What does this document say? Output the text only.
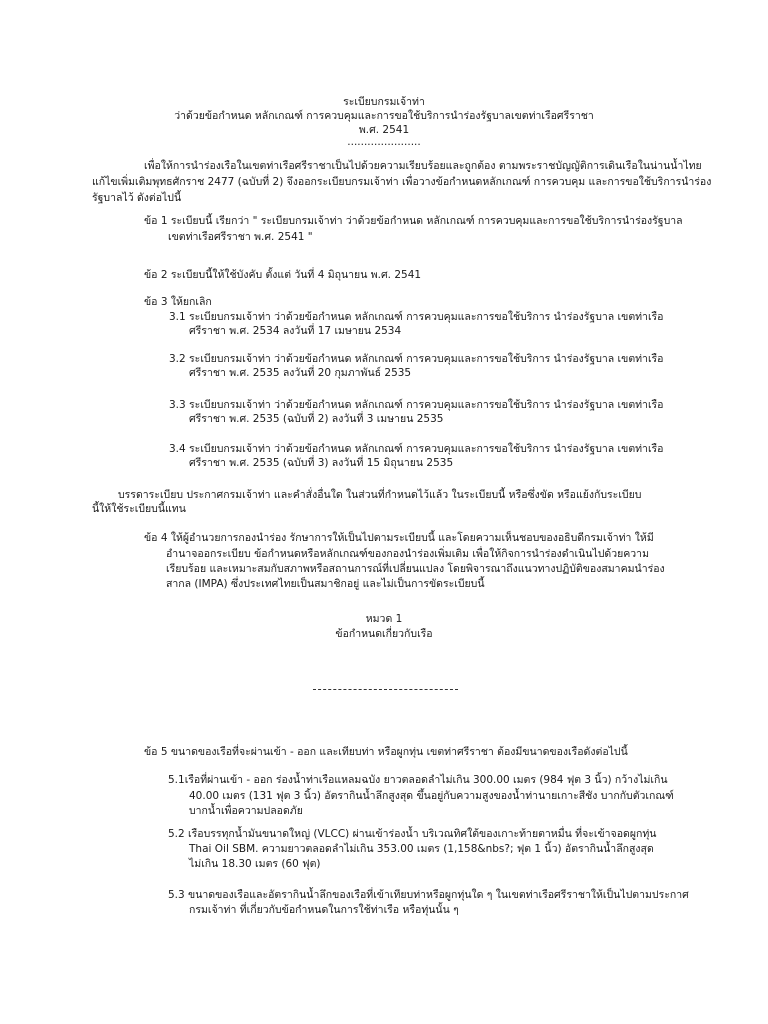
ระเบียบกรมเจ้าท่า
ว่าด้วยข้อกำหนด หลักเกณฑ์ การควบคุมและการขอใช้บริการนำร่องรัฐบาลเขตท่าเรือศรีราชา
พ.ศ. 2541
......................
เพื่อให้การนำร่องเรือในเขตท่าเรือศรีราชาเป็นไปด้วยความเรียบร้อยและถูกต้อง ตามพระราชบัญญัติการเดินเรือในน่านน้ำไทย
แก้ไขเพิ่มเติมพุทธศักราช 2477 (ฉบับที่ 2) จึงออกระเบียบกรมเจ้าท่า เพื่อวางข้อกำหนดหลักเกณฑ์ การควบคุม และการขอใช้บริการนำร่อง
รัฐบาลไว้ ดังต่อไปนี้
ข้อ 1 ระเบียบนี้ เรียกว่า " ระเบียบกรมเจ้าท่า ว่าด้วยข้อกำหนด หลักเกณฑ์ การควบคุมและการขอใช้บริการนำร่องรัฐบาล
เขตท่าเรือศรีราชา พ.ศ. 2541 "
ข้อ 2 ระเบียบนี้ให้ใช้บังคับ ตั้งแต่ วันที่ 4 มิถุนายน พ.ศ. 2541
ข้อ 3 ให้ยกเลิก
3.1 ระเบียบกรมเจ้าท่า ว่าด้วยข้อกำหนด หลักเกณฑ์ การควบคุมและการขอใช้บริการ นำร่องรัฐบาล เขตท่าเรือ
ศรีราชา พ.ศ. 2534 ลงวันที่ 17 เมษายน 2534
3.2 ระเบียบกรมเจ้าท่า ว่าด้วยข้อกำหนด หลักเกณฑ์ การควบคุมและการขอใช้บริการ นำร่องรัฐบาล เขตท่าเรือ
ศรีราชา พ.ศ. 2535 ลงวันที่ 20 กุมภาพันธ์ 2535
3.3 ระเบียบกรมเจ้าท่า ว่าด้วยข้อกำหนด หลักเกณฑ์ การควบคุมและการขอใช้บริการ นำร่องรัฐบาล เขตท่าเรือ
ศรีราชา พ.ศ. 2535 (ฉบับที่ 2) ลงวันที่ 3 เมษายน 2535
3.4 ระเบียบกรมเจ้าท่า ว่าด้วยข้อกำหนด หลักเกณฑ์ การควบคุมและการขอใช้บริการ นำร่องรัฐบาล เขตท่าเรือ
ศรีราชา พ.ศ. 2535 (ฉบับที่ 3) ลงวันที่ 15 มิถุนายน 2535
บรรดาระเบียบ ประกาศกรมเจ้าท่า และคำสั่งอื่นใด ในส่วนที่กำหนดไว้แล้ว ในระเบียบนี้ หรือซึ่งขัด หรือแย้งกับระเบียบ
นี้ให้ใช้ระเบียบนี้แทน
ข้อ 4 ให้ผู้อำนวยการกองนำร่อง รักษาการให้เป็นไปตามระเบียบนี้ และโดยความเห็นชอบของอธิบดีกรมเจ้าท่า ให้มี
อำนาจออกระเบียบ ข้อกำหนดหรือหลักเกณฑ์ของกองนำร่องเพิ่มเติม เพื่อให้กิจการนำร่องดำเนินไปด้วยความ
เรียบร้อย และเหมาะสมกับสภาพหรือสถานการณ์ที่เปลี่ยนแปลง โดยพิจารณาถึงแนวทางปฏิบัติของสมาคมนำร่อง
สากล (IMPA) ซึ่งประเทศไทยเป็นสมาชิกอยู่ และไม่เป็นการขัดระเบียบนี้
หมวด 1
ข้อกำหนดเกี่ยวกับเรือ
ข้อ 5 ขนาดของเรือที่จะผ่านเข้า - ออก และเทียบท่า หรือผูกทุ่น เขตท่าศรีราชา ต้องมีขนาดของเรือดังต่อไปนี้
5.1เรือที่ผ่านเข้า - ออก ร่องน้ำท่าเรือแหลมฉบัง ยาวตลอดลำไม่เกิน 300.00 เมตร (984 ฟุต 3 นิ้ว) กว้างไม่เกิน
40.00 เมตร (131 ฟุต 3 นิ้ว) อัตรากินน้ำลึกสูงสุด ขึ้นอยู่กับความสูงของน้ำท่านายเกาะสีชัง บากกับตัวเกณฑ์
บากน้ำเพื่อความปลอดภัย
5.2 เรือบรรทุกน้ำมันขนาดใหญ่ (VLCC) ผ่านเข้าร่องน้ำ บริเวณทิศใต้ของเกาะท้ายตาหมื่น ที่จะเข้าจอดผูกทุ่น
Thai Oil SBM. ความยาวตลอดลำไม่เกิน 353.00 เมตร (1,158&nbs?; ฟุต 1 นิ้ว) อัตรากินน้ำลึกสูงสุด
ไม่เกิน 18.30 เมตร (60 ฟุต)
5.3 ขนาดของเรือและอัตรากินน้ำลึกของเรือที่เข้าเทียบท่าหรือผูกทุ่นใด ๆ ในเขตท่าเรือศรีราชาให้เป็นไปตามประกาศ
กรมเจ้าท่า ที่เกี่ยวกับข้อกำหนดในการใช้ท่าเรือ หรือทุ่นนั้น ๆ
